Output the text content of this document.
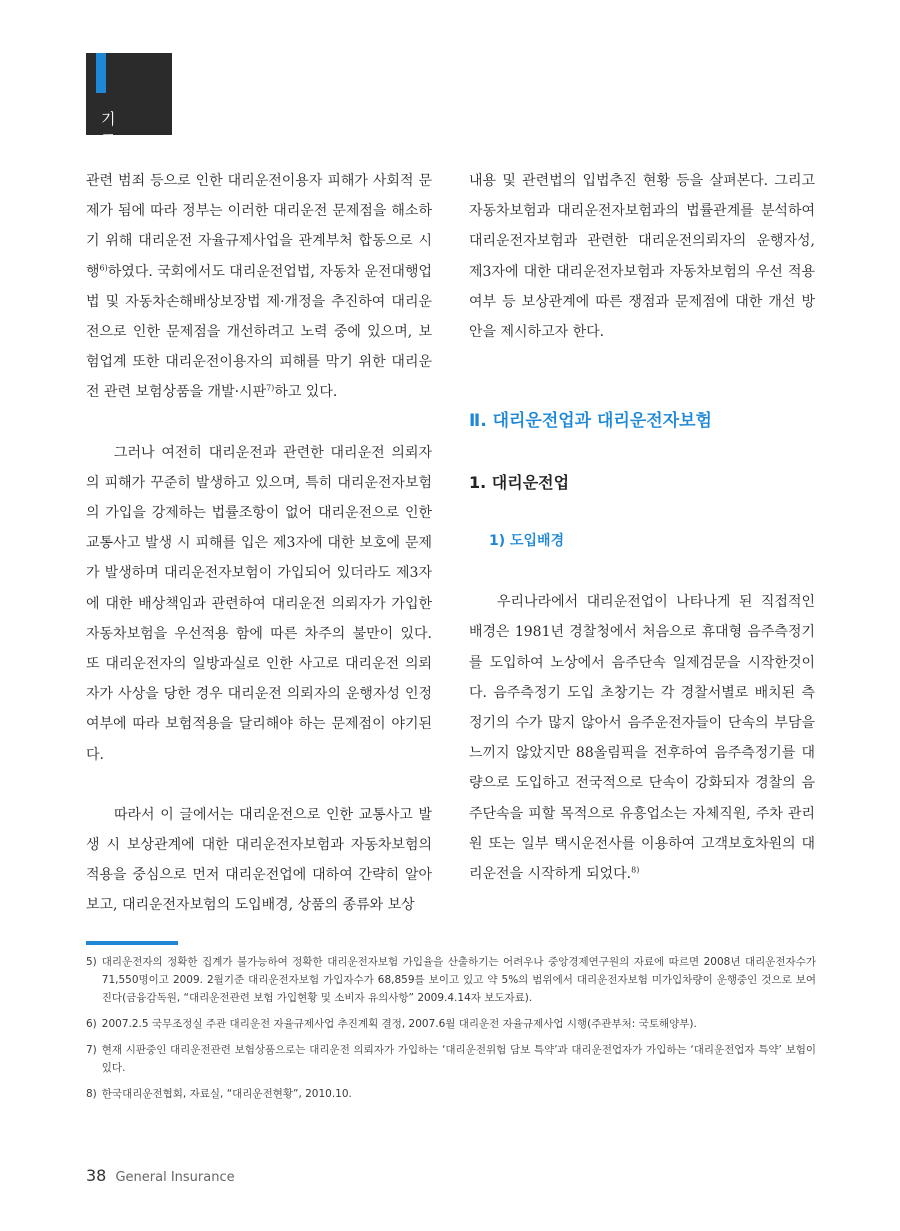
기 고

관련 범죄 등으로 인한 대리운전이용자 피해가 사회적 문제가 됨에 따라 정부는 이러한 대리운전 문제점을 해소하기 위해 대리운전 자율규제사업을 관계부처 합동으로 시행$^{6)}$하였다. 국회에서도 대리운전업법, 자동차 운전대행업법 및 자동차손해배상보장법 제·개정을 추진하여 대리운전으로 인한 문제점을 개선하려고 노력 중에 있으며, 보험업계 또한 대리운전이용자의 피해를 막기 위한 대리운전 관련 보험상품을 개발·시판$^{7)}$하고 있다.

그러나 여전히 대리운전과 관련한 대리운전 의뢰자의 피해가 꾸준히 발생하고 있으며, 특히 대리운전자보험의 가입을 강제하는 법률조항이 없어 대리운전으로 인한 교통사고 발생 시 피해를 입은 제3자에 대한 보호에 문제가 발생하며 대리운전자보험이 가입되어 있더라도 제3자에 대한 배상책임과 관련하여 대리운전 의뢰자가 가입한 자동차보험을 우선적용 함에 따른 차주의 불만이 있다. 또 대리운전자의 일방과실로 인한 사고로 대리운전 의뢰자가 사상을 당한 경우 대리운전 의뢰자의 운행자성 인정여부에 따라 보험적용을 달리해야 하는 문제점이 야기된다.

따라서 이 글에서는 대리운전으로 인한 교통사고 발생 시 보상관계에 대한 대리운전자보험과 자동차보험의 적용을 중심으로 먼저 대리운전업에 대하여 간략히 알아보고, 대리운전자보험의 도입배경, 상품의 종류와 보상

내용 및 관련법의 입법추진 현황 등을 살펴본다. 그리고 자동차보험과 대리운전자보험과의 법률관계를 분석하여 대리운전자보험과 관련한 대리운전의뢰자의 운행자성, 제3자에 대한 대리운전자보험과 자동차보험의 우선 적용 여부 등 보상관계에 따른 쟁점과 문제점에 대한 개선 방안을 제시하고자 한다.

Ⅱ. 대리운전업과 대리운전자보험
1. 대리운전업
1) 도입배경

우리나라에서 대리운전업이 나타나게 된 직접적인 배경은 1981년 경찰청에서 처음으로 휴대형 음주측정기를 도입하여 노상에서 음주단속 일제검문을 시작한것이다. 음주측정기 도입 초창기는 각 경찰서별로 배치된 측정기의 수가 많지 않아서 음주운전자들이 단속의 부담을 느끼지 않았지만 88올림픽을 전후하여 음주측정기를 대량으로 도입하고 전국적으로 단속이 강화되자 경찰의 음주단속을 피할 목적으로 유흥업소는 자체직원, 주차 관리원 또는 일부 택시운전사를 이용하여 고객보호차원의 대리운전을 시작하게 되었다.$^{8)}$

5) 대리운전자의 정확한 집계가 불가능하여 정확한 대리운전자보험 가입율을 산출하기는 어려우나 중앙경제연구원의 자료에 따르면 2008년 대리운전자수가 71,550명이고 2009. 2월기준 대리운전자보험 가입자수가 68,859를 보이고 있고 약 5%의 범위에서 대리운전자보험 미가입차량이 운행중인 것으로 보여진다(금융감독원, “대리운전관련 보험 가입현황 및 소비자 유의사항” 2009.4.14자 보도자료).
6) 2007.2.5 국무조정실 주관 대리운전 자율규제사업 추진계획 결정, 2007.6월 대리운전 자율규제사업 시행(주관부처: 국토해양부).
7) 현재 시판중인 대리운전관련 보험상품으로는 대리운전 의뢰자가 가입하는 ‘대리운전위험 담보 특약’과 대리운전업자가 가입하는 ‘대리운전업자 특약’ 보험이 있다.
8) 한국대리운전협회, 자료실, “대리운전현황”, 2010.10.
38 General Insurance
